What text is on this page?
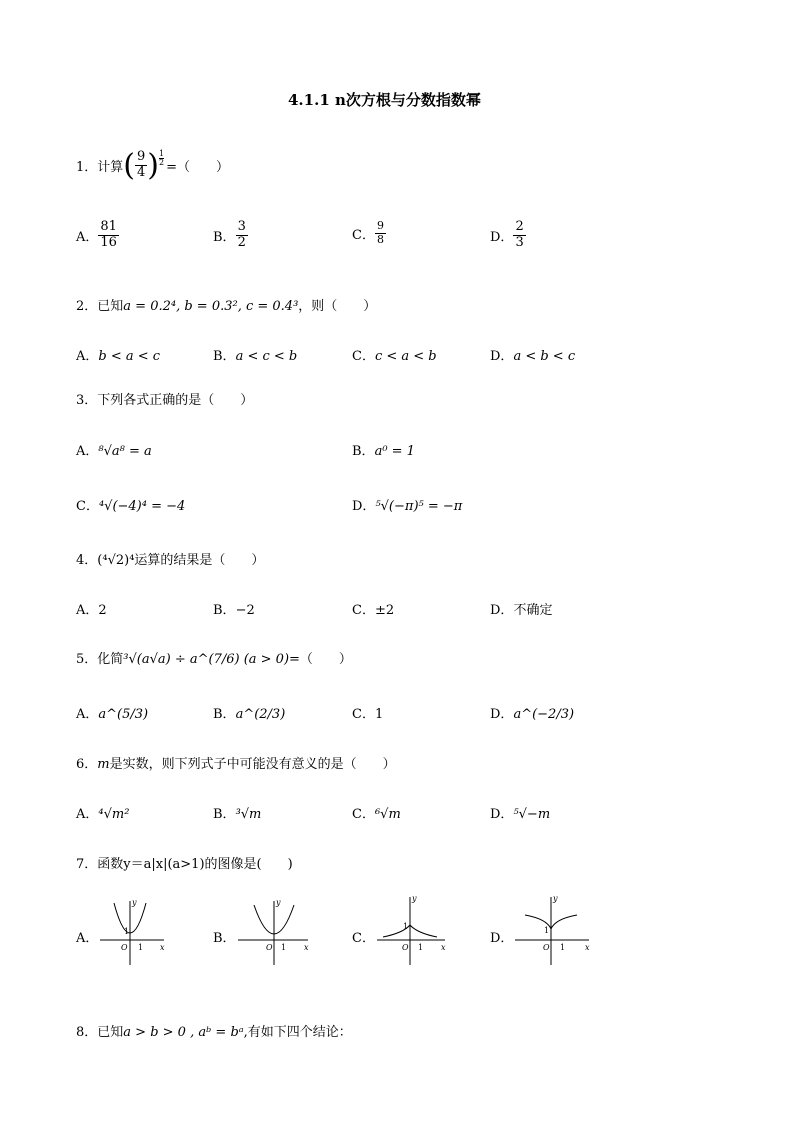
4.1.1 n次方根与分数指数幂
1．计算 ( $\frac{9}{4}$ ) $\frac{1}{2}$
=（　　）
A． $\frac{81}{16}$	B． $\frac{3}{2}$	C． $\frac{9}{8}$	D． $\frac{2}{3}$
2．已知a = 0.2⁴, b = 0.3², c = 0.4³，则（　　）
A．b < a < c	B．a < c < b	C．c < a < b	D．a < b < c
3．下列各式正确的是（　　）
A．⁸√a⁸ = a	B．a⁰ = 1
C．⁴√(−4)⁴ = −4	D．⁵√(−π)⁵ = −π
4．(⁴√2)⁴运算的结果是（　　）
A．2	B．−2	C．±2	D．不确定
5．化简³√(a√a) ÷ a^(7/6) (a > 0)=（　　）
A．a^(5/3)	B．a^(2/3)	C．1	D．a^(−2/3)
6．m是实数，则下列式子中可能没有意义的是（　　）
A．⁴√m²	B．³√m	C．⁶√m	D．⁵√−m
7．函数y＝a|x|(a>1)的图像是(　　)
A．
y
1
O 1 x
B．
y
O 1 x
C．
y
1
O 1 x
D．
y
1
O 1 x
8．已知a > b > 0 , aᵇ = bᵃ,有如下四个结论：
